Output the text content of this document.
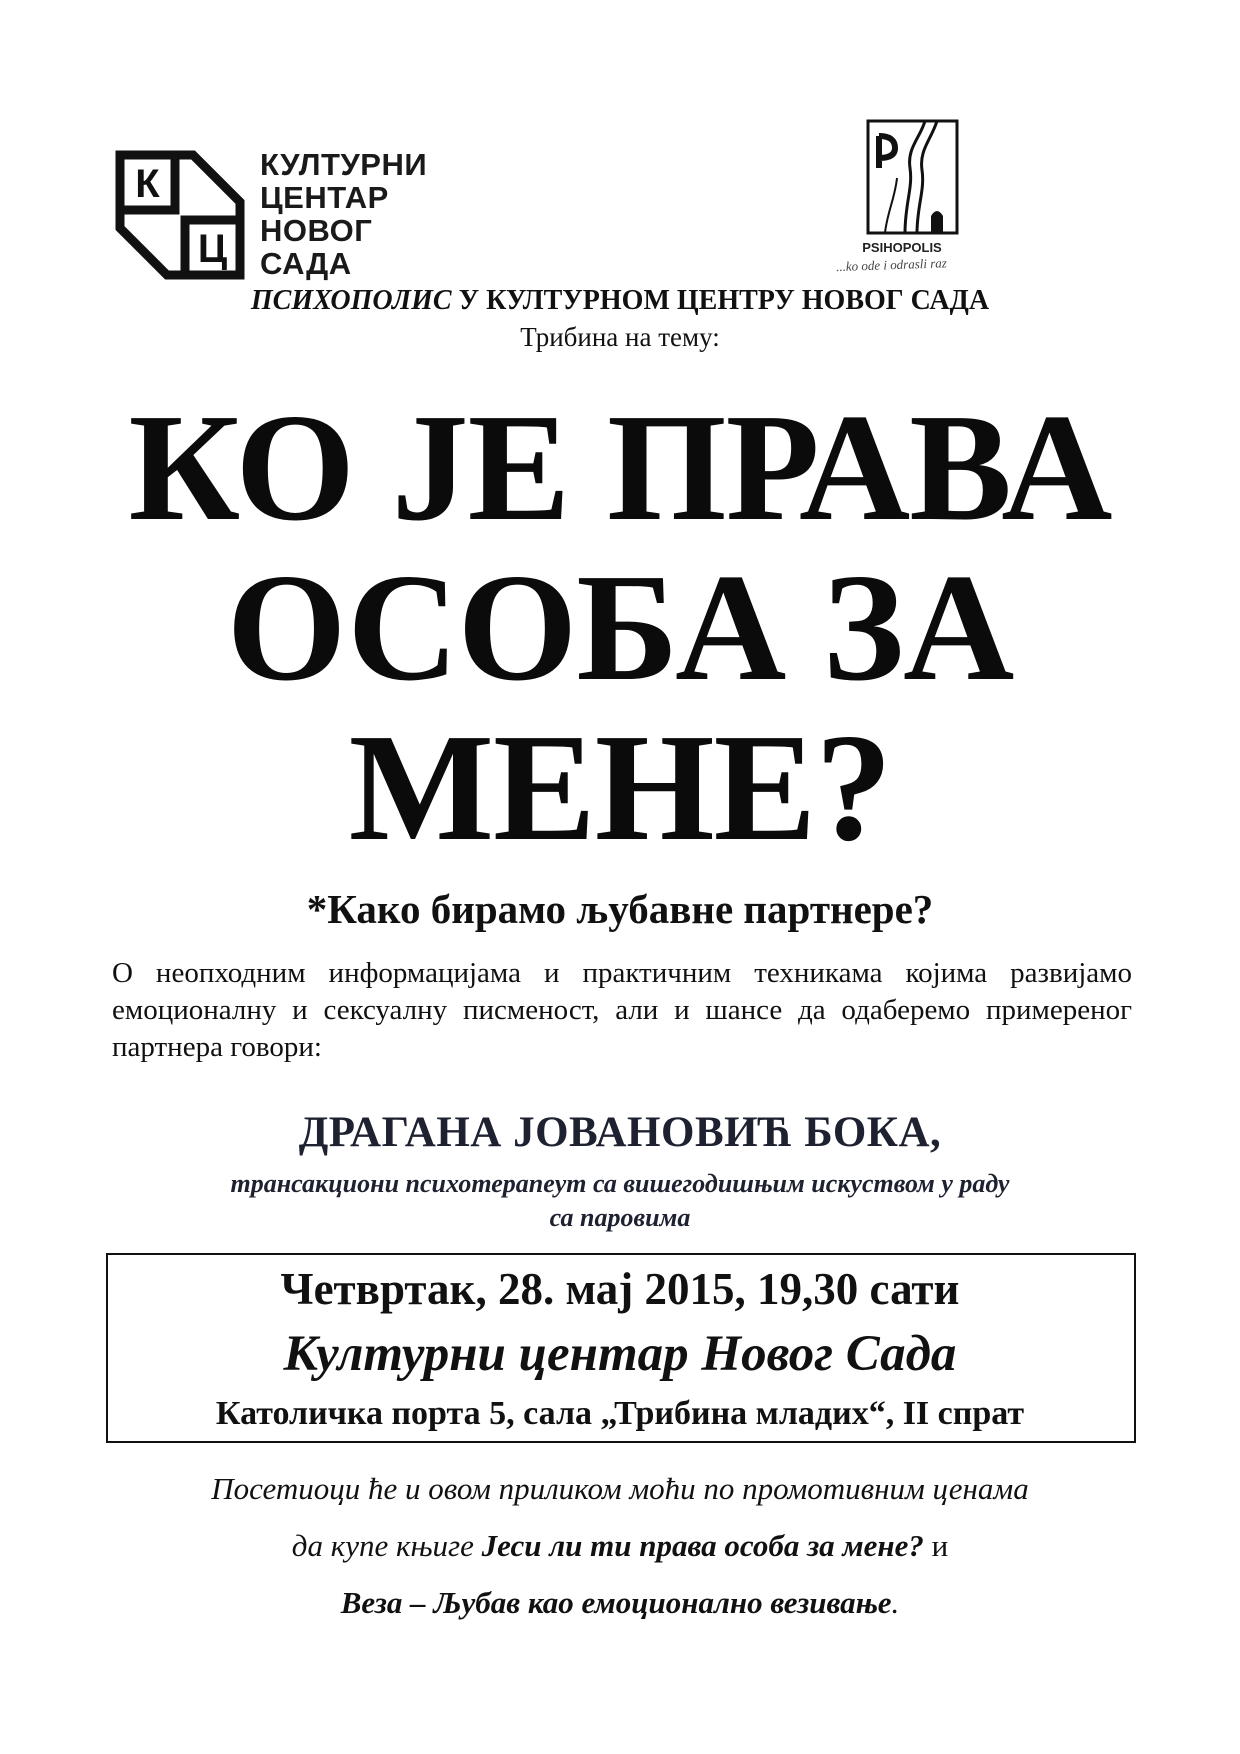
К
Ц
КУЛТУРНИ
ЦЕНТАР
НОВОГ
САДА	PSIHOPOLIS
...ko ode i odrasli raz
ПСИХОПОЛИС У КУЛТУРНОМ ЦЕНТРУ НОВОГ САДА
Трибина на тему:
КО ЈЕ ПРАВА
ОСОБА ЗА
МЕНЕ?
*Како бирамо љубавне партнере?
О неопходним информацијама и практичним техникама којима развијамо емоционалну и сексуалну писменост, али и шансе да одаберемо примереног партнера говори:
ДРАГАНА ЈОВАНОВИЋ БОКА,
трансакциони психотерапеут са вишегодишњим искуством у раду
са паровима
Четвртак, 28. мај 2015, 19,30 сати
Културни центар Новог Сада
Католичка порта 5, сала „Трибина младих“, II спрат
Посетиоци ће и овом приликом моћи по промотивним ценама
да купе књиге Јеси ли ти права особа за мене? и
Веза – Љубав као емоционално везивање.
